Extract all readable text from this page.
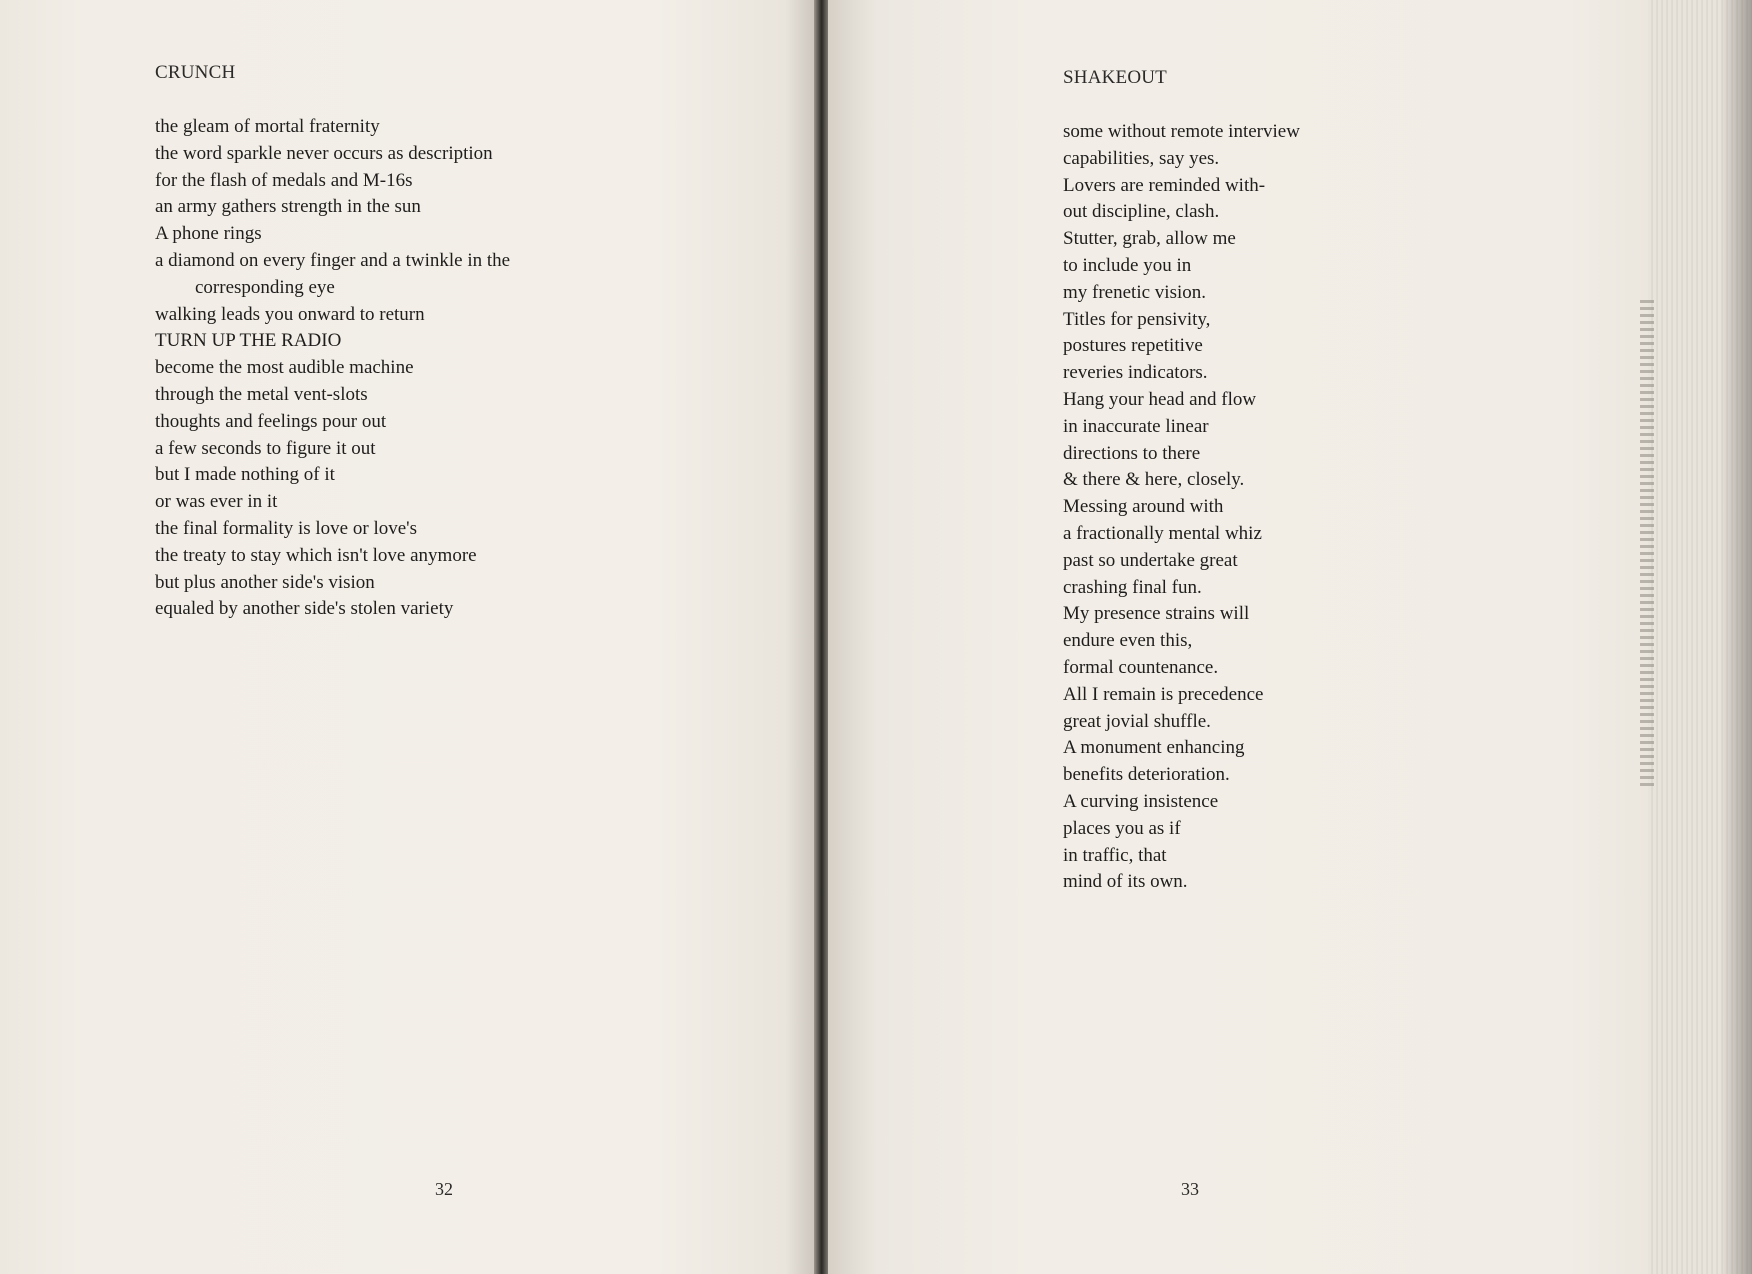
CRUNCH
the gleam of mortal fraternity
the word sparkle never occurs as description
for the flash of medals and M-16s
an army gathers strength in the sun
A phone rings
a diamond on every finger and a twinkle in the
corresponding eye
walking leads you onward to return
TURN UP THE RADIO
become the most audible machine
through the metal vent-slots
thoughts and feelings pour out
a few seconds to figure it out
but I made nothing of it
or was ever in it
the final formality is love or love's
the treaty to stay which isn't love anymore
but plus another side's vision
equaled by another side's stolen variety
32
SHAKEOUT
some without remote interview
capabilities, say yes.
Lovers are reminded with-
out discipline, clash.
Stutter, grab, allow me
to include you in
my frenetic vision.
Titles for pensivity,
postures repetitive
reveries indicators.
Hang your head and flow
in inaccurate linear
directions to there
& there & here, closely.
Messing around with
a fractionally mental whiz
past so undertake great
crashing final fun.
My presence strains will
endure even this,
formal countenance.
All I remain is precedence
great jovial shuffle.
A monument enhancing
benefits deterioration.
A curving insistence
places you as if
in traffic, that
mind of its own.
33
